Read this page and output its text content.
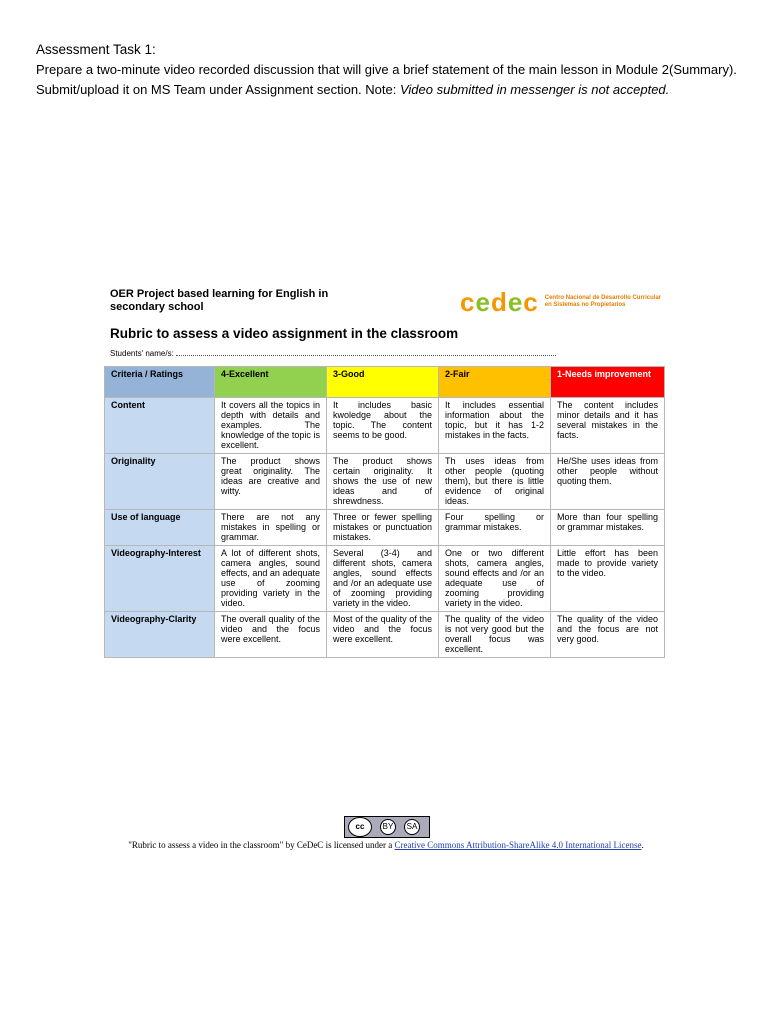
Assessment Task 1:

Prepare a two-minute video recorded discussion that will give a brief statement of the main lesson in Module 2(Summary).

Submit/upload it on MS Team under Assignment section. Note: Video submitted in messenger is not accepted.

OER Project based learning for English in secondary school	cedec Centro Nacional de Desarrollo Curricular en Sistemas no Propietarios
Rubric to assess a video assignment in the classroom
Students' name/s:
Criteria / Ratings	4-Excellent	3-Good	2-Fair	1-Needs improvement
Content	It covers all the topics in depth with details and examples. The knowledge of the topic is excellent.	It includes basic kwoledge about the topic. The content seems to be good.	It includes essential information about the topic, but it has 1-2 mistakes in the facts.	The content includes minor details and it has several mistakes in the facts.
Originality	The product shows great originality. The ideas are creative and witty.	The product shows certain originality. It shows the use of new ideas and of shrewdness.	Th uses ideas from other people (quoting them), but there is little evidence of original ideas.	He/She uses ideas from other people without quoting them.
Use of language	There are not any mistakes in spelling or grammar.	Three or fewer spelling mistakes or punctuation mistakes.	Four spelling or grammar mistakes.	More than four spelling or grammar mistakes.
Videography-Interest	A lot of different shots, camera angles, sound effects, and an adequate use of zooming providing variety in the video.	Several (3-4) and different shots, camera angles, sound effects and /or an adequate use of zooming providing variety in the video.	One or two different shots, camera angles, sound effects and /or an adequate use of zooming providing variety in the video.	Little effort has been made to provide variety to the video.
Videography-Clarity	The overall quality of the video and the focus were excellent.	Most of the quality of the video and the focus were excellent.	The quality of the video is not very good but the overall focus was excellent.	The quality of the video and the focus are not very good.
cc	BY	SA
"Rubric to assess a video in the classroom" by CeDeC is licensed under a Creative Commons Attribution-ShareAlike 4.0 International License.
